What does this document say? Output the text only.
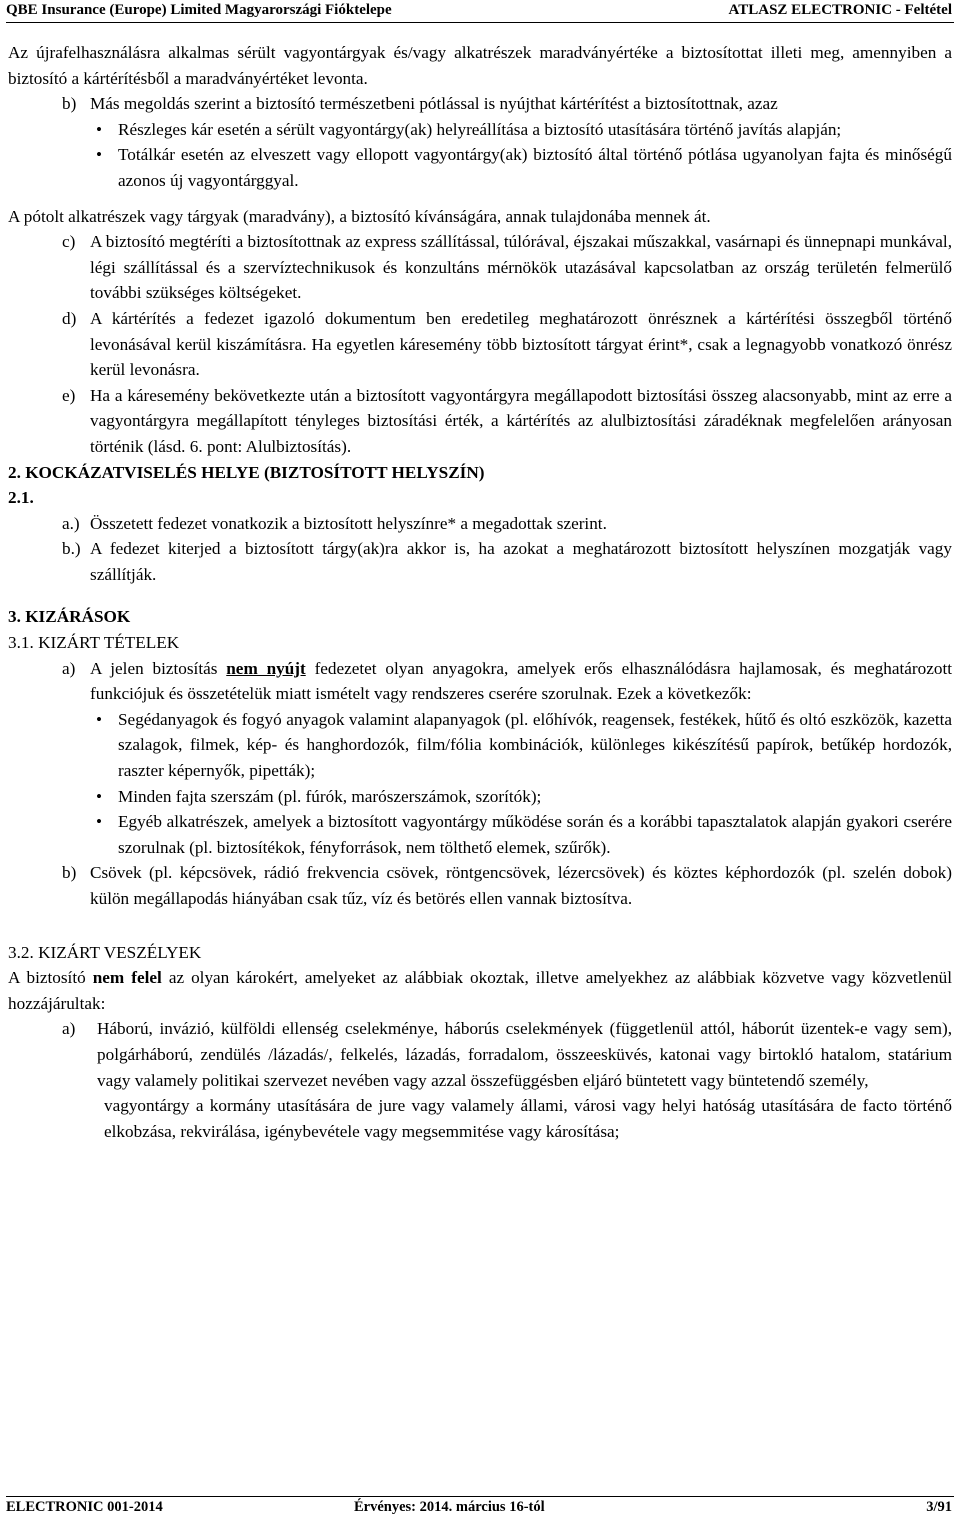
QBE Insurance (Europe) Limited Magyarországi Fióktelepe	ATLASZ ELECTRONIC - Feltétel

Az újrafelhasználásra alkalmas sérült vagyontárgyak és/vagy alkatrészek maradványértéke a biztosítottat illeti meg, amennyiben a biztosító a kártérítésből a maradványértéket levonta.

b) Más megoldás szerint a biztosító természetbeni pótlással is nyújthat kártérítést a biztosítottnak, azaz
• Részleges kár esetén a sérült vagyontárgy(ak) helyreállítása a biztosító utasítására történő javítás alapján;
• Totálkár esetén az elveszett vagy ellopott vagyontárgy(ak) biztosító által történő pótlása ugyanolyan fajta és minőségű azonos új vagyontárggyal.

A pótolt alkatrészek vagy tárgyak (maradvány), a biztosító kívánságára, annak tulajdonába mennek át.

c) A biztosító megtéríti a biztosítottnak az express szállítással, túlórával, éjszakai műszakkal, vasárnapi és ünnepnapi munkával, légi szállítással és a szervíztechnikusok és konzultáns mérnökök utazásával kapcsolatban az ország területén felmerülő további szükséges költségeket.
d) A kártérítés a fedezet igazoló dokumentum ben eredetileg meghatározott önrésznek a kártérítési összegből történő levonásával kerül kiszámításra. Ha egyetlen káresemény több biztosított tárgyat érint*, csak a legnagyobb vonatkozó önrész kerül levonásra.
e) Ha a káresemény bekövetkezte után a biztosított vagyontárgyra megállapodott biztosítási összeg alacsonyabb, mint az erre a vagyontárgyra megállapított tényleges biztosítási érték, a kártérítés az alulbiztosítási záradéknak megfelelően arányosan történik (lásd. 6. pont: Alulbiztosítás).

2. KOCKÁZATVISELÉS HELYE (BIZTOSÍTOTT HELYSZÍN)

2.1.

a.) Összetett fedezet vonatkozik a biztosított helyszínre* a megadottak szerint.
b.) A fedezet kiterjed a biztosított tárgy(ak)ra akkor is, ha azokat a meghatározott biztosított helyszínen mozgatják vagy szállítják.

3. KIZÁRÁSOK

3.1. KIZÁRT TÉTELEK

a) A jelen biztosítás nem nyújt fedezetet olyan anyagokra, amelyek erős elhasználódásra hajlamosak, és meghatározott funkciójuk és összetételük miatt ismételt vagy rendszeres cserére szorulnak. Ezek a következők:
• Segédanyagok és fogyó anyagok valamint alapanyagok (pl. előhívók, reagensek, festékek, hűtő és oltó eszközök, kazetta szalagok, filmek, kép- és hanghordozók, film/fólia kombinációk, különleges kikészítésű papírok, betűkép hordozók, raszter képernyők, pipetták);
• Minden fajta szerszám (pl. fúrók, marószerszámok, szorítók);
• Egyéb alkatrészek, amelyek a biztosított vagyontárgy működése során és a korábbi tapasztalatok alapján gyakori cserére szorulnak (pl. biztosítékok, fényforrások, nem tölthető elemek, szűrők).
b) Csövek (pl. képcsövek, rádió frekvencia csövek, röntgencsövek, lézercsövek) és köztes képhordozók (pl. szelén dobok) külön megállapodás hiányában csak tűz, víz és betörés ellen vannak biztosítva.

3.2. KIZÁRT VESZÉLYEK

A biztosító nem felel az olyan károkért, amelyeket az alábbiak okoztak, illetve amelyekhez az alábbiak közvetve vagy közvetlenül hozzájárultak:

a) Háború, invázió, külföldi ellenség cselekménye, háborús cselekmények (függetlenül attól, háborút üzentek-e vagy sem), polgárháború, zendülés /lázadás/, felkelés, lázadás, forradalom, összeesküvés, katonai vagy birtokló hatalom, statárium vagy valamely politikai szervezet nevében vagy azzal összefüggésben eljáró büntetett vagy büntetendő személy,
vagyontárgy a kormány utasítására de jure vagy valamely állami, városi vagy helyi hatóság utasítására de facto történő elkobzása, rekvirálása, igénybevétele vagy megsemmitése vagy károsítása;
ELECTRONIC 001-2014	Érvényes: 2014. március 16-tól	3/91
